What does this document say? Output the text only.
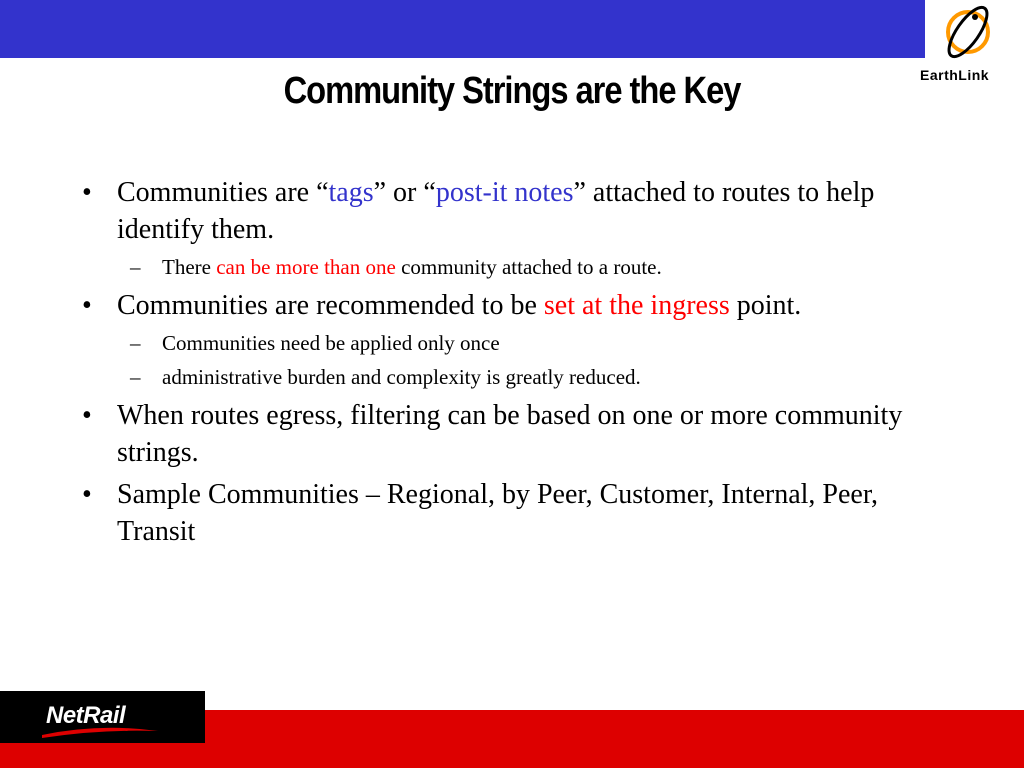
EarthLink
Community Strings are the Key
• Communities are “tags” or “post-it notes” attached to routes to help identify them.
– There can be more than one community attached to a route.
• Communities are recommended to be set at the ingress point.
– Communities need be applied only once
– administrative burden and complexity is greatly reduced.
• When routes egress, filtering can be based on one or more community strings.
• Sample Communities – Regional, by Peer, Customer, Internal, Peer, Transit
NetRail
